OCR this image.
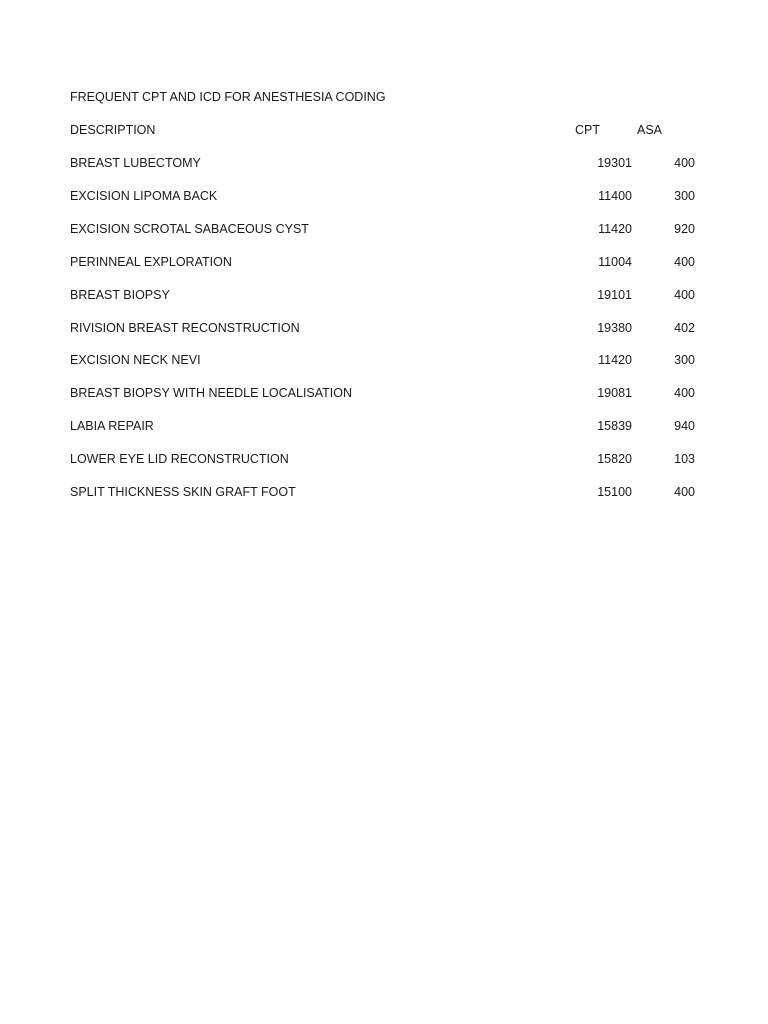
FREQUENT CPT AND ICD FOR ANESTHESIA CODING
DESCRIPTION	CPT	ASA
BREAST LUBECTOMY	19301	400
EXCISION LIPOMA BACK	11400	300
EXCISION SCROTAL SABACEOUS CYST	11420	920
PERINNEAL EXPLORATION	11004	400
BREAST BIOPSY	19101	400
RIVISION BREAST RECONSTRUCTION	19380	402
EXCISION NECK NEVI	11420	300
BREAST BIOPSY WITH NEEDLE LOCALISATION	19081	400
LABIA REPAIR	15839	940
LOWER EYE LID RECONSTRUCTION	15820	103
SPLIT THICKNESS SKIN GRAFT FOOT	15100	400
